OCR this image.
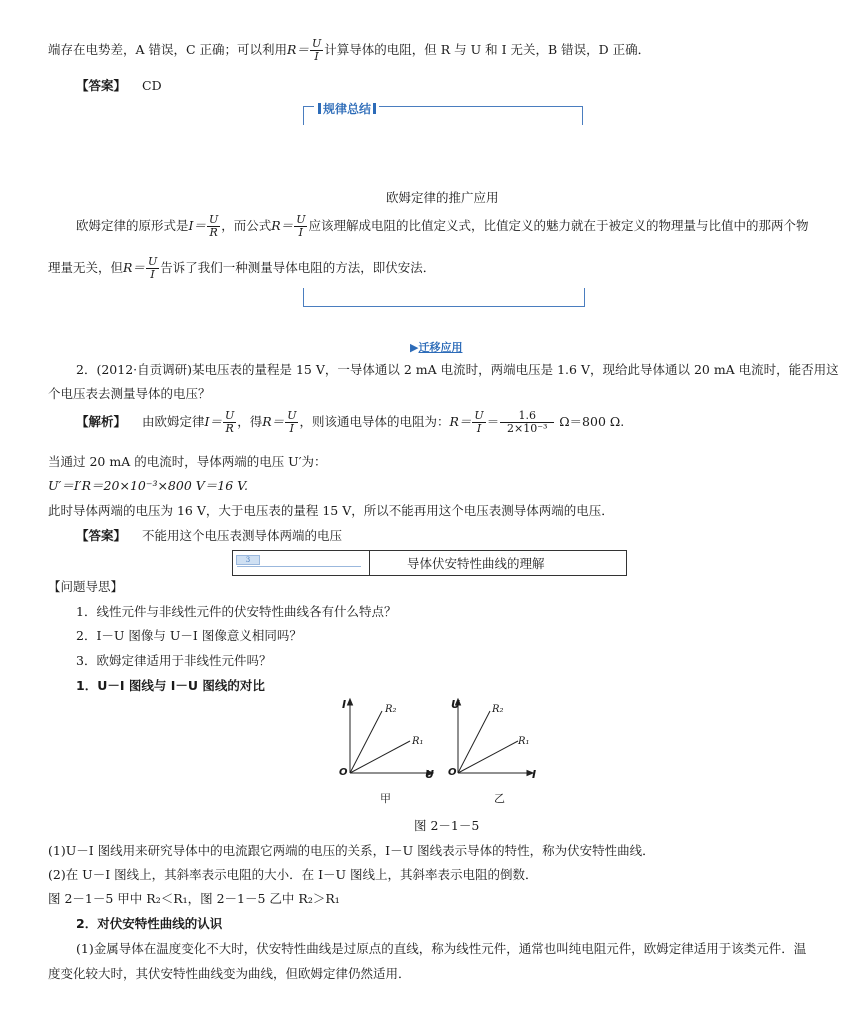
端存在电势差，A 错误，C 正确；可以利用$R= \frac{U}{I}$ 计算导体的电阻，但 R 与 U 和 I 无关，B 错误，D 正确．
【答案】 CD
规律总结
欧姆定律的推广应用
欧姆定律的原形式是$I= \frac{U}{R}$ ，而公式$R= \frac{U}{I}$ 应该理解成电阻的比值定义式，比值定义的魅力就在于被定义的物理量与比值中的那两个物
理量无关，但$R= \frac{U}{I}$ 告诉了我们一种测量导体电阻的方法，即伏安法．
▶迁移应用
2．(2012·自贡调研)某电压表的量程是 15 V，一导体通以 2 mA 电流时，两端电压是 1.6 V，现给此导体通以 20 mA 电流时，能否用这
个电压表去测量导体的电压？
【解析】 由欧姆定律$I= \frac{U}{R}$ ，得$R= \frac{U}{I}$ ，则该通电导体的电阻为：$R= \frac{U}{I} = \frac{1.6}{\text{2×10⁻³}} \Omega=800$ Ω.
当通过 20 mA 的电流时，导体两端的电压 U′为：
U′＝I′R＝20×10⁻³×800 V＝16 V.
此时导体两端的电压为 16 V，大于电压表的量程 15 V，所以不能再用这个电压表测导体两端的电压．
【答案】 不能用这个电压表测导体两端的电压
3	导体伏安特性曲线的理解
【问题导思】
1．线性元件与非线性元件的伏安特性曲线各有什么特点？
2．I－U 图像与 U－I 图像意义相同吗？
3．欧姆定律适用于非线性元件吗？
1．U－I 图线与 I－U 图线的对比
I
U
O
R₂
R₁
U
I
O
R₂
R₁
甲	乙
图 2－1－5
(1)U－I 图线用来研究导体中的电流跟它两端的电压的关系，I－U 图线表示导体的特性，称为伏安特性曲线．
(2)在 U－I 图线上，其斜率表示电阻的大小．在 I－U 图线上，其斜率表示电阻的倒数．
图 2－1－5 甲中 R₂＜R₁，图 2－1－5 乙中 R₂＞R₁
2．对伏安特性曲线的认识
(1)金属导体在温度变化不大时，伏安特性曲线是过原点的直线，称为线性元件，通常也叫纯电阻元件，欧姆定律适用于该类元件．温
度变化较大时，其伏安特性曲线变为曲线，但欧姆定律仍然适用．
